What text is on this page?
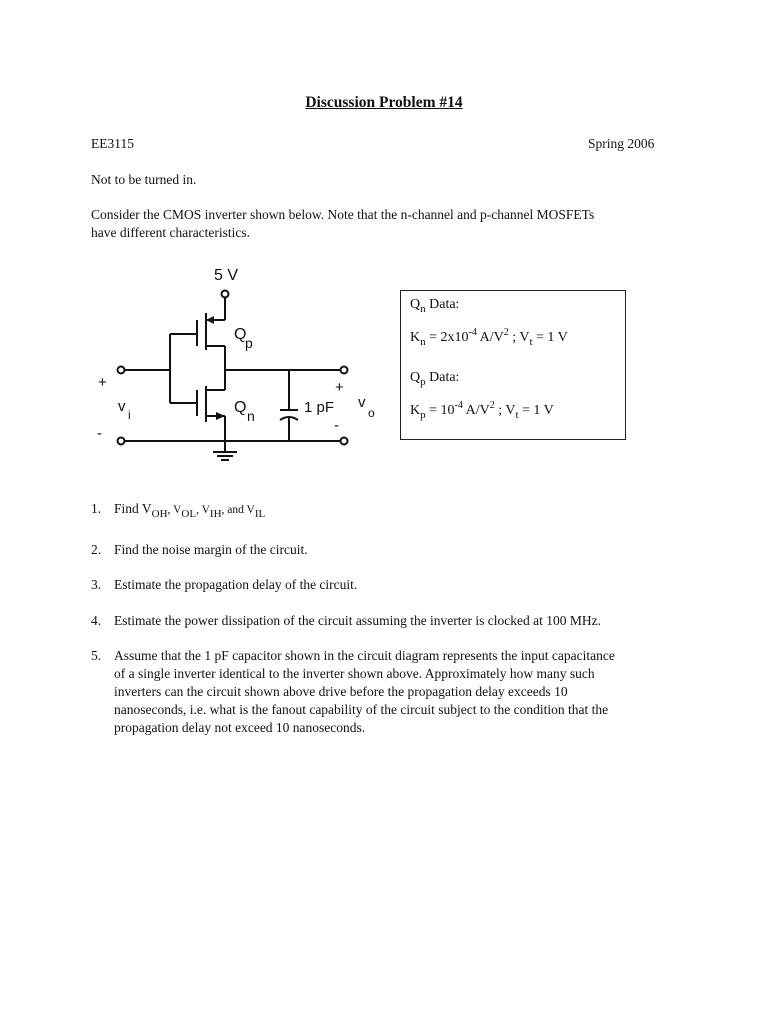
Discussion Problem #14
EE3115	Spring 2006
Not to be turned in.
Consider the CMOS inverter shown below. Note that the n-channel and p-channel MOSFETs
have different characteristics.
5 V
Q
p
Q n	1 pF
+
-
v i
+
-
v
o
$Q_n$ Data:
$K_n = 2x10^{-4}$ $A/V^2$ ; $V_t = 1$ V
$Q_p$ Data:
$K_p = 10^{-4}$ $A/V^2$ ; $V_t = 1$ V
1. Find $V_{OH}$, $V_{OL}$, $V_{IH}$, and $V_{IL}$
2. Find the noise margin of the circuit.
3. Estimate the propagation delay of the circuit.
4. Estimate the power dissipation of the circuit assuming the inverter is clocked at 100 MHz.
5. Assume that the 1 pF capacitor shown in the circuit diagram represents the input capacitance
of a single inverter identical to the inverter shown above. Approximately how many such
inverters can the circuit shown above drive before the propagation delay exceeds 10
nanoseconds, i.e. what is the fanout capability of the circuit subject to the condition that the
propagation delay not exceed 10 nanoseconds.
